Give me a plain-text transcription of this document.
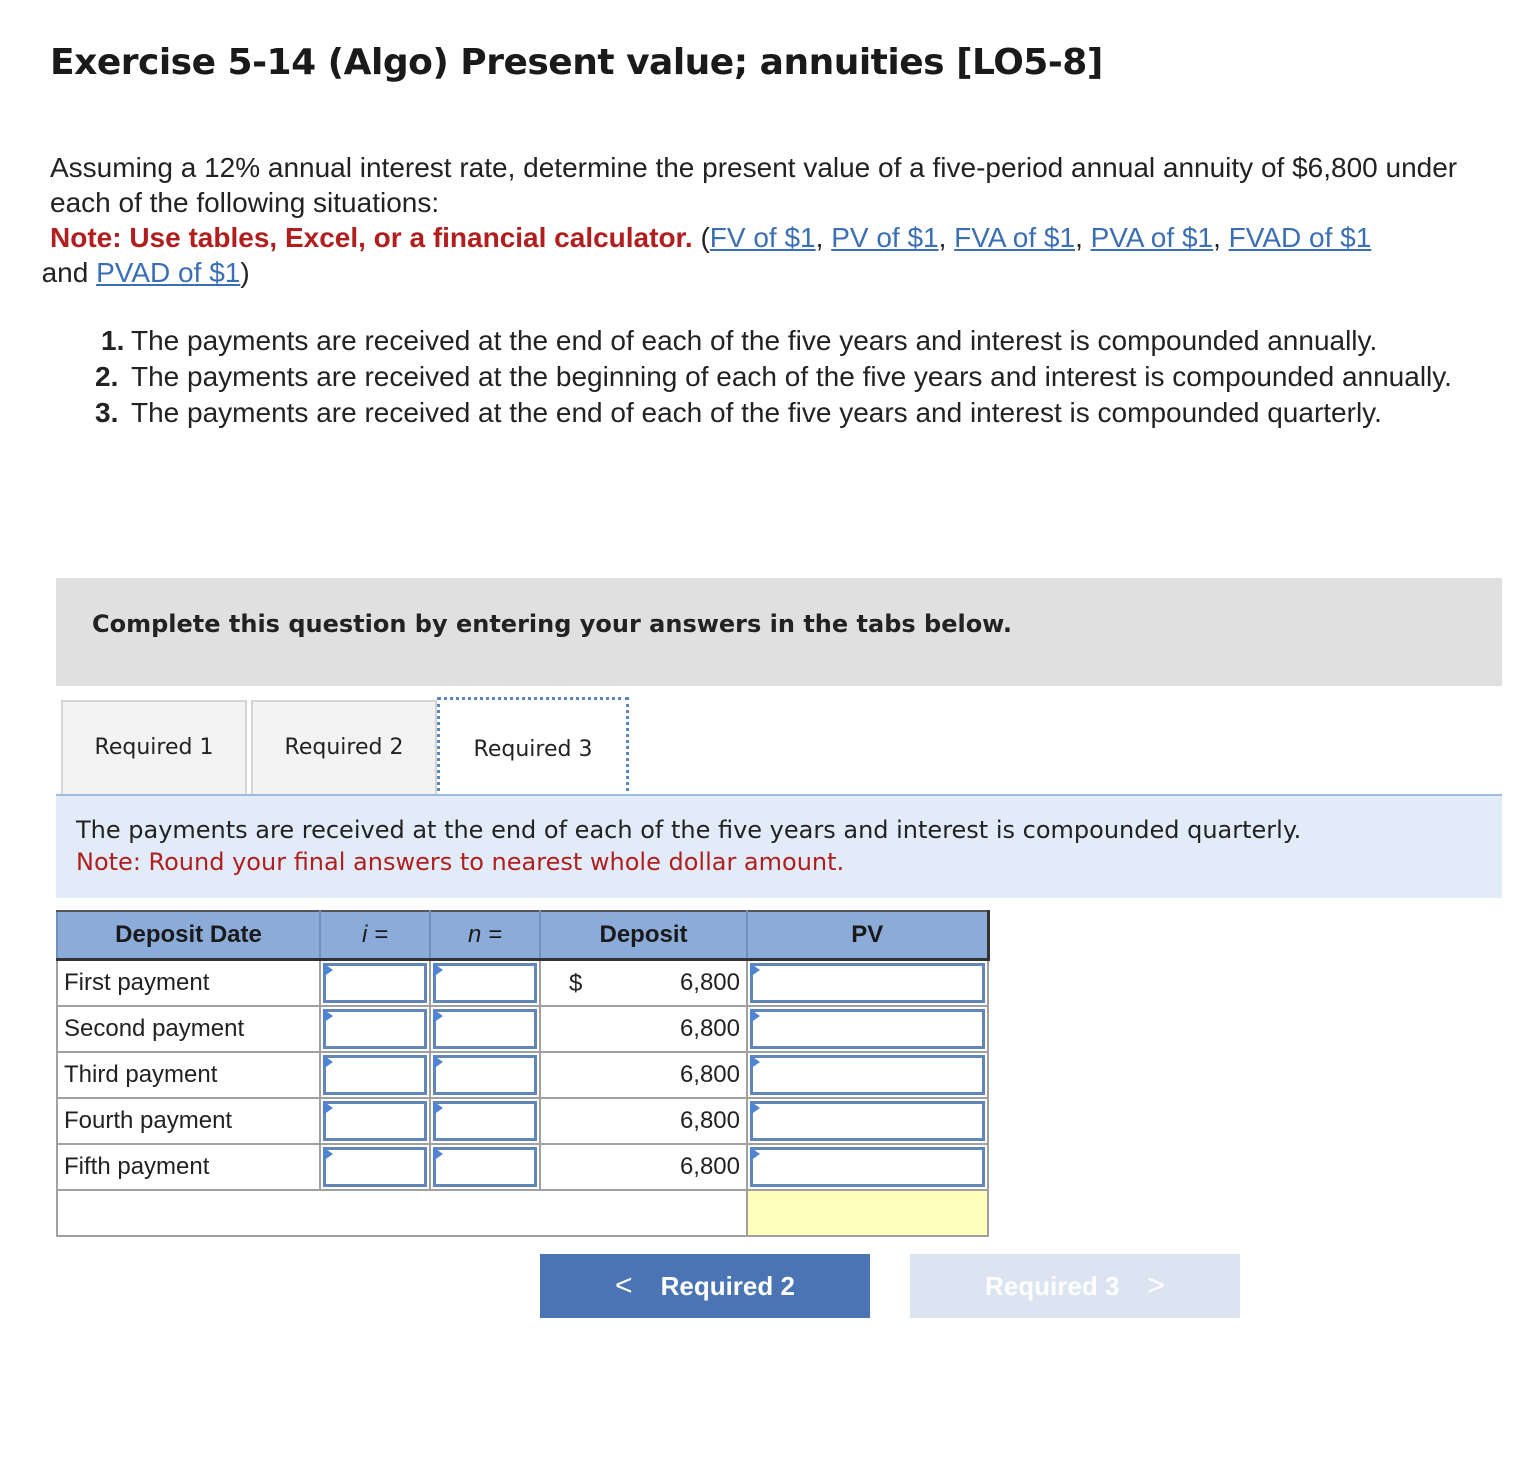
Exercise 5-14 (Algo) Present value; annuities [LO5-8]
Assuming a 12% annual interest rate, determine the present value of a five-period annual annuity of $6,800 under each of the following situations:
Note: Use tables, Excel, or a financial calculator. (FV of $1, PV of $1, FVA of $1, PVA of $1, FVAD of $1
and PVAD of $1)
1. The payments are received at the end of each of the five years and interest is compounded annually.
2. The payments are received at the beginning of each of the five years and interest is compounded annually.
3. The payments are received at the end of each of the five years and interest is compounded quarterly.
Complete this question by entering your answers in the tabs below.
Required 1	Required 2	Required 3
The payments are received at the end of each of the five years and interest is compounded quarterly.
Note: Round your final answers to nearest whole dollar amount.
Deposit Date	i =	n =	Deposit	PV
First payment			$ 6,800	

Second payment			6,800	

Third payment			6,800	

Fourth payment			6,800	

Fifth payment			6,800	

< Required 2	Required 3 >
